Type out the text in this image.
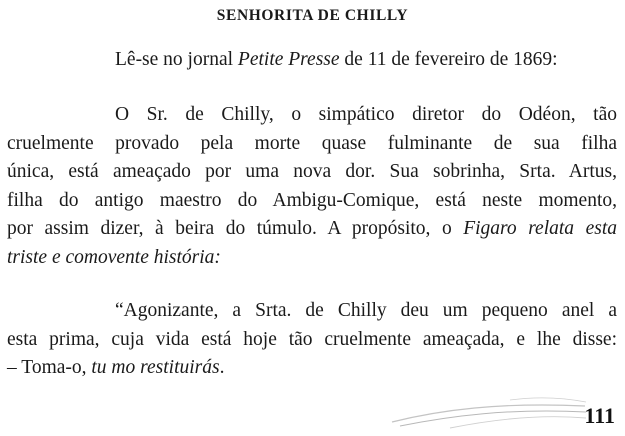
SENHORITA DE CHILLY

Lê-se no jornal Petite Presse de 11 de fevereiro de 1869:

O Sr. de Chilly, o simpático diretor do Odéon, tão
cruelmente provado pela morte quase fulminante de sua filha
única, está ameaçado por uma nova dor. Sua sobrinha, Srta. Artus,
filha do antigo maestro do Ambigu-Comique, está neste momento,
por assim dizer, à beira do túmulo. A propósito, o Figaro relata esta
triste e comovente história:

“Agonizante, a Srta. de Chilly deu um pequeno anel a
esta prima, cuja vida está hoje tão cruelmente ameaçada, e lhe disse:
– Toma-o, tu mo restituirás.

111
